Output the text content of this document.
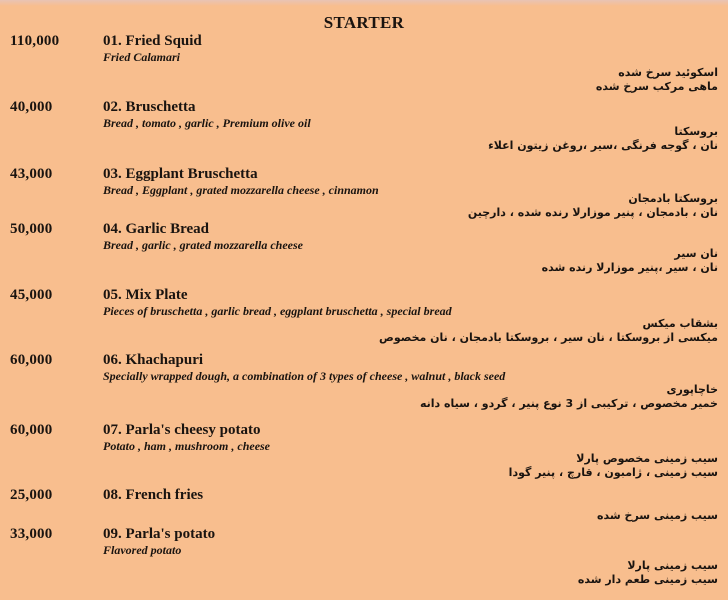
STARTER
110,000	01. Fried Squid
Fried Calamari
اسکوئید سرخ شده
ماهی مرکب سرخ شده
40,000	02. Bruschetta
Bread , tomato , garlic , Premium olive oil
بروسکتا
نان ، گوجه فرنگی ،سیر ،روغن زیتون اعلاء
43,000	03. Eggplant Bruschetta
Bread , Eggplant , grated mozzarella cheese , cinnamon
بروسکتا بادمجان
نان ، بادمجان ، پنیر موزارلا رنده شده ، دارچین
50,000	04. Garlic Bread
Bread , garlic , grated mozzarella cheese
نان سیر
نان ، سیر ،پنیر موزارلا رنده شده
45,000	05. Mix Plate
Pieces of bruschetta , garlic bread , eggplant bruschetta , special bread
بشقاب میکس
میکسی از بروسکتا ، نان سیر ، بروسکتا بادمجان ، نان مخصوص
60,000	06. Khachapuri
Specially wrapped dough, a combination of 3 types of cheese , walnut , black seed
خاچاپوری
خمیر مخصوص ، ترکیبی از 3 نوع پنیر ، گردو ، سیاه دانه
60,000	07. Parla's cheesy potato
Potato , ham , mushroom , cheese
سیب زمینی مخصوص پارلا
سیب زمینی ، ژامبون ، قارچ ، پنیر گودا
25,000	08. French fries
سیب زمینی سرخ شده
33,000	09. Parla's potato
Flavored potato
سیب زمینی پارلا
سیب زمینی طعم دار شده
